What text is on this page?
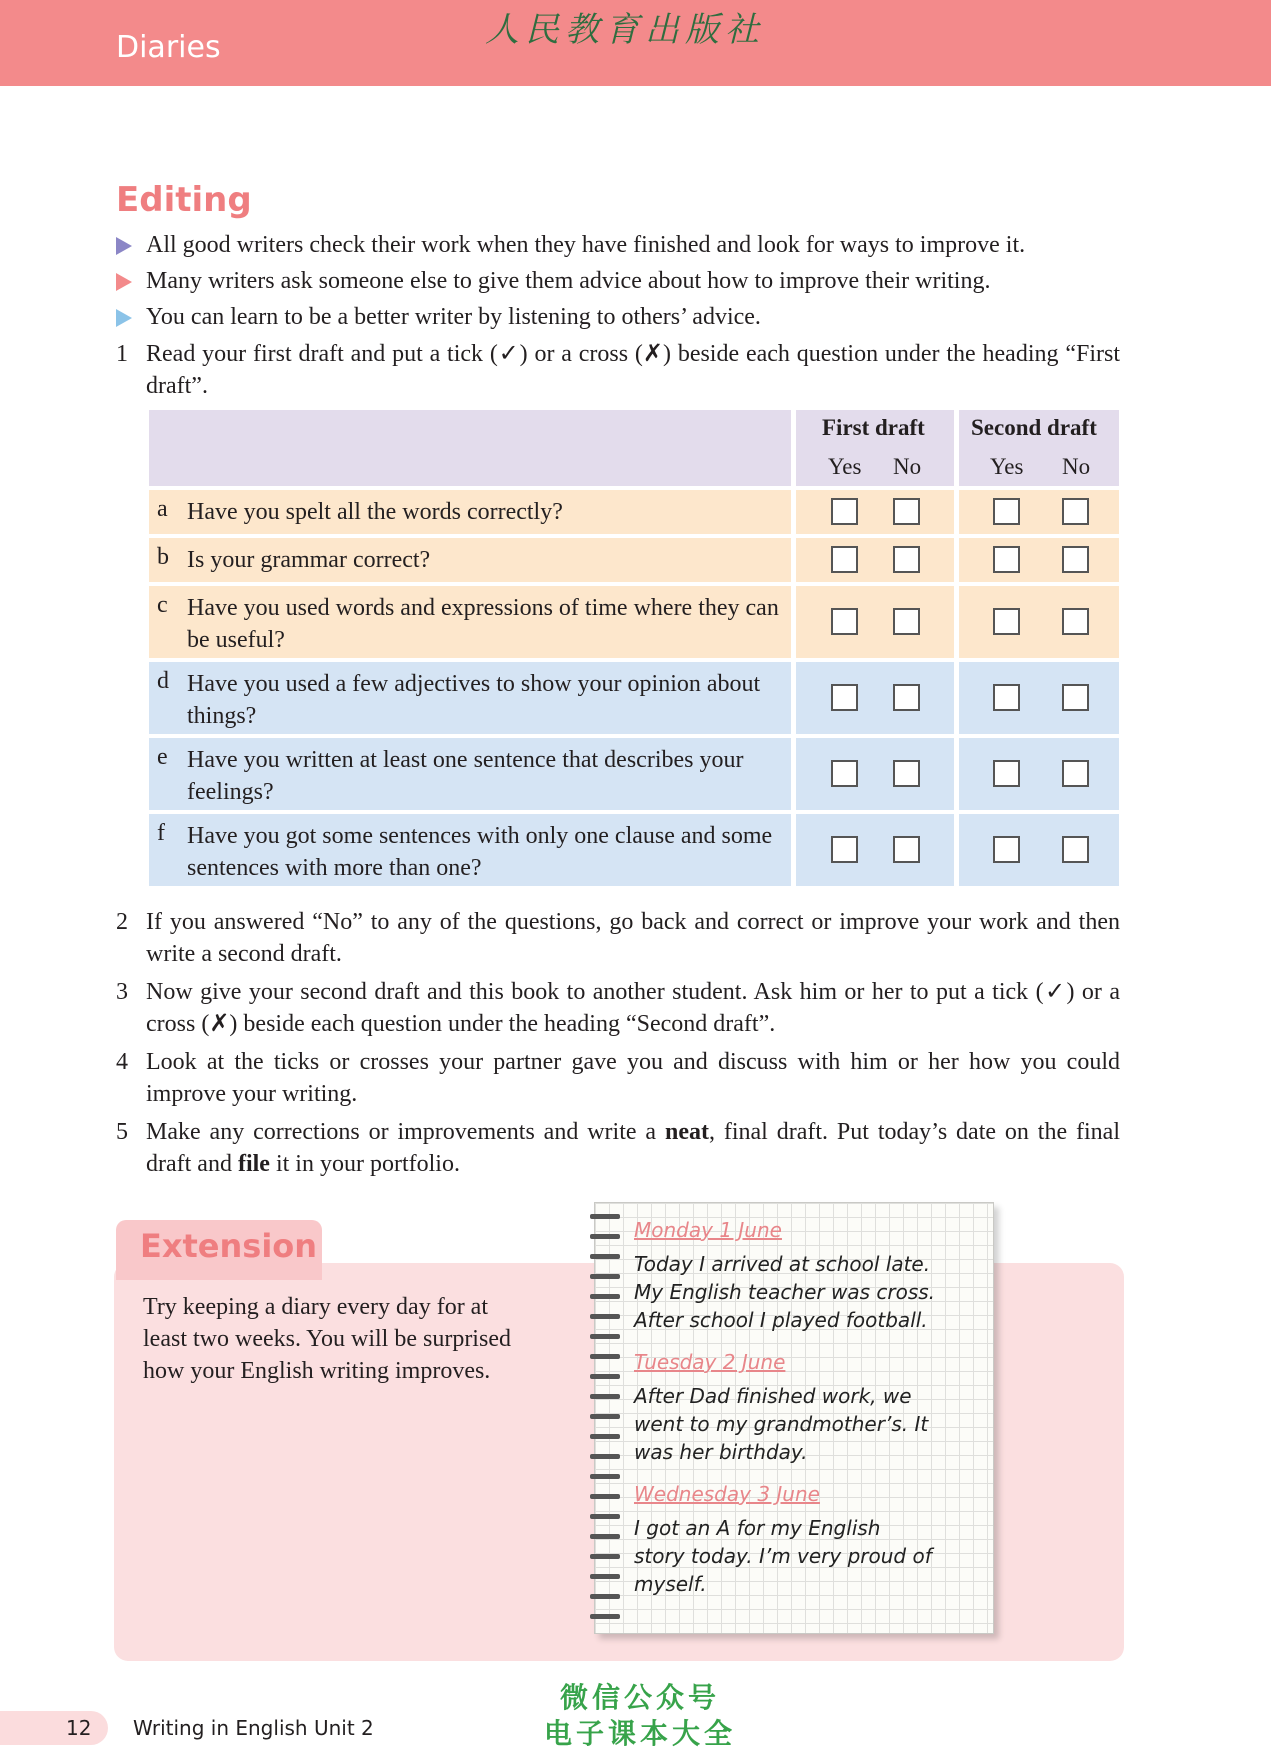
Diaries	人民教育出版社
Editing
All good writers check their work when they have finished and look for ways to improve it.
Many writers ask someone else to give them advice about how to improve their writing.
You can learn to be a better writer by listening to others’ advice.
1 Read your first draft and put a tick (✓) or a cross (✗) beside each question under the heading “First draft”.
First draft Second draft
Yes No	Yes No
a Have you spelt all the words correctly?
b Is your grammar correct?
c Have you used words and expressions of time where they can be useful?
d Have you used a few adjectives to show your opinion about things?
e Have you written at least one sentence that describes your feelings?
f Have you got some sentences with only one clause and some sentences with more than one?
2 If you answered “No” to any of the questions, go back and correct or improve your work and then write a second draft.
3 Now give your second draft and this book to another student. Ask him or her to put a tick (✓) or a cross (✗) beside each question under the heading “Second draft”.
4 Look at the ticks or crosses your partner gave you and discuss with him or her how you could improve your writing.
5 Make any corrections or improvements and write a neat, final draft. Put today’s date on the final draft and file it in your portfolio.
Extension
Try keeping a diary every day for at least two weeks. You will be surprised how your English writing improves.
Monday 1 June
Today I arrived at school late.
My English teacher was cross.
After school I played football.
Tuesday 2 June
After Dad finished work, we
went to my grandmother’s. It
was her birthday.
Wednesday 3 June
I got an A for my English
story today. I’m very proud of
myself.
微信公众号
电子课本大全
12 Writing in English Unit 2
